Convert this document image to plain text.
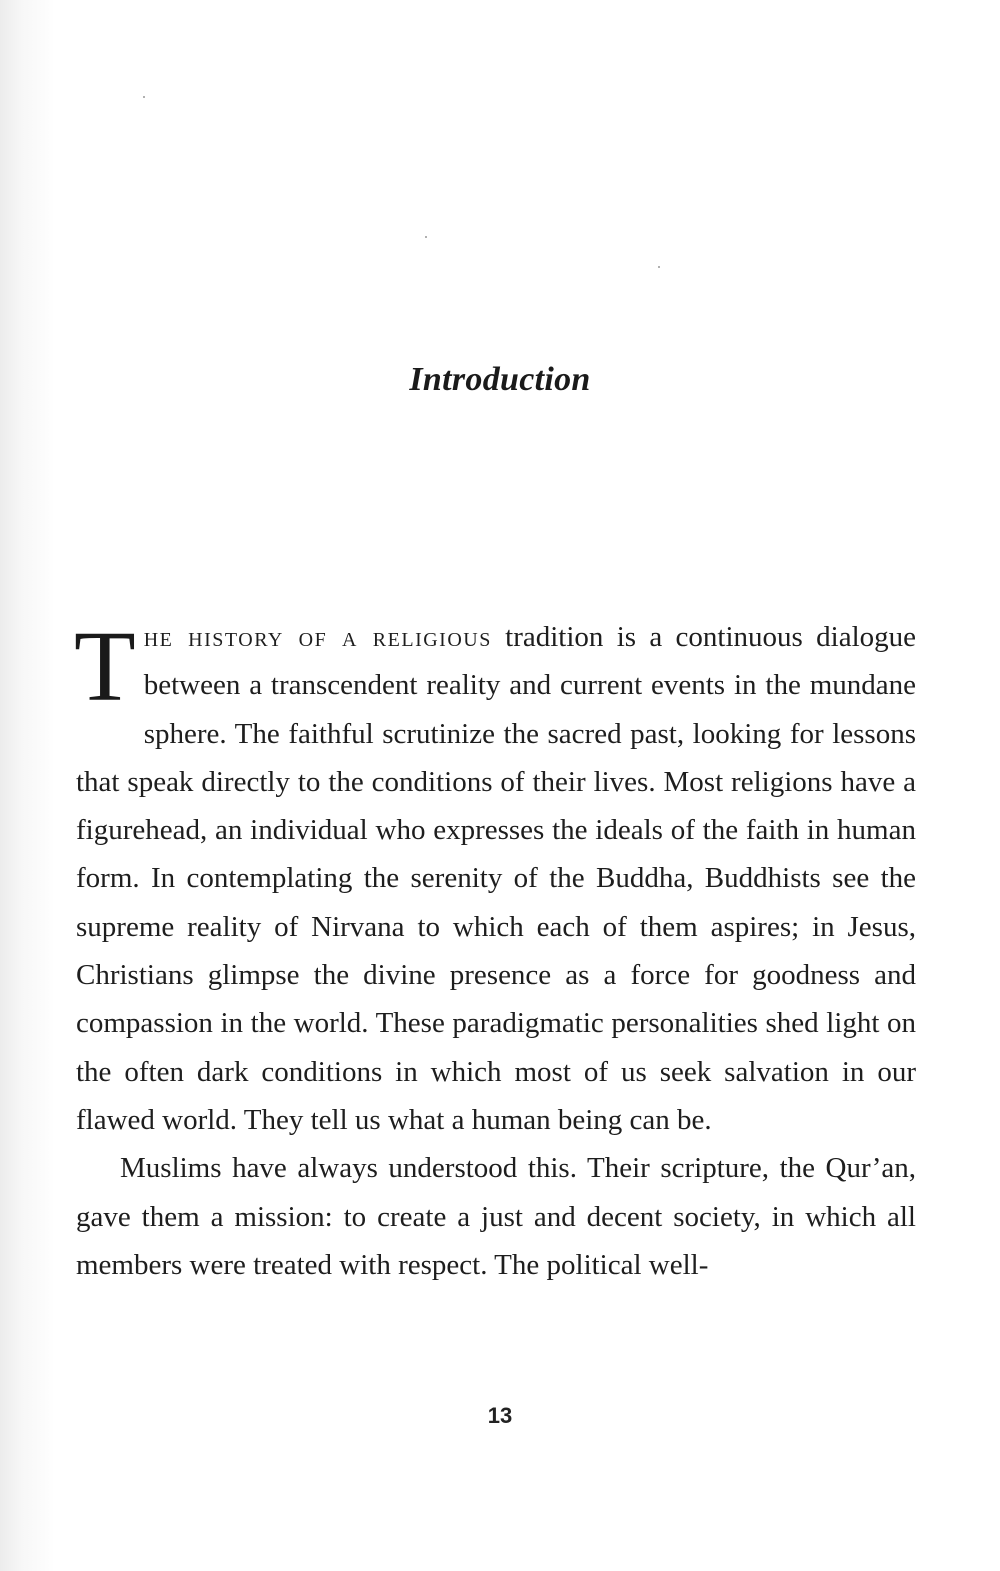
Introduction

The history of a religious tradition is a continuous dialogue between a transcendent reality and current events in the mundane sphere. The faithful scrutinize the sacred past, looking for lessons that speak directly to the conditions of their lives. Most religions have a figurehead, an individual who expresses the ideals of the faith in human form. In contemplating the serenity of the Buddha, Buddhists see the supreme reality of Nirvana to which each of them aspires; in Jesus, Christians glimpse the divine presence as a force for goodness and compassion in the world. These paradigmatic personalities shed light on the often dark conditions in which most of us seek salvation in our flawed world. They tell us what a human being can be.

Muslims have always understood this. Their scripture, the Qur’an, gave them a mission: to create a just and decent society, in which all members were treated with respect. The political well-

13
